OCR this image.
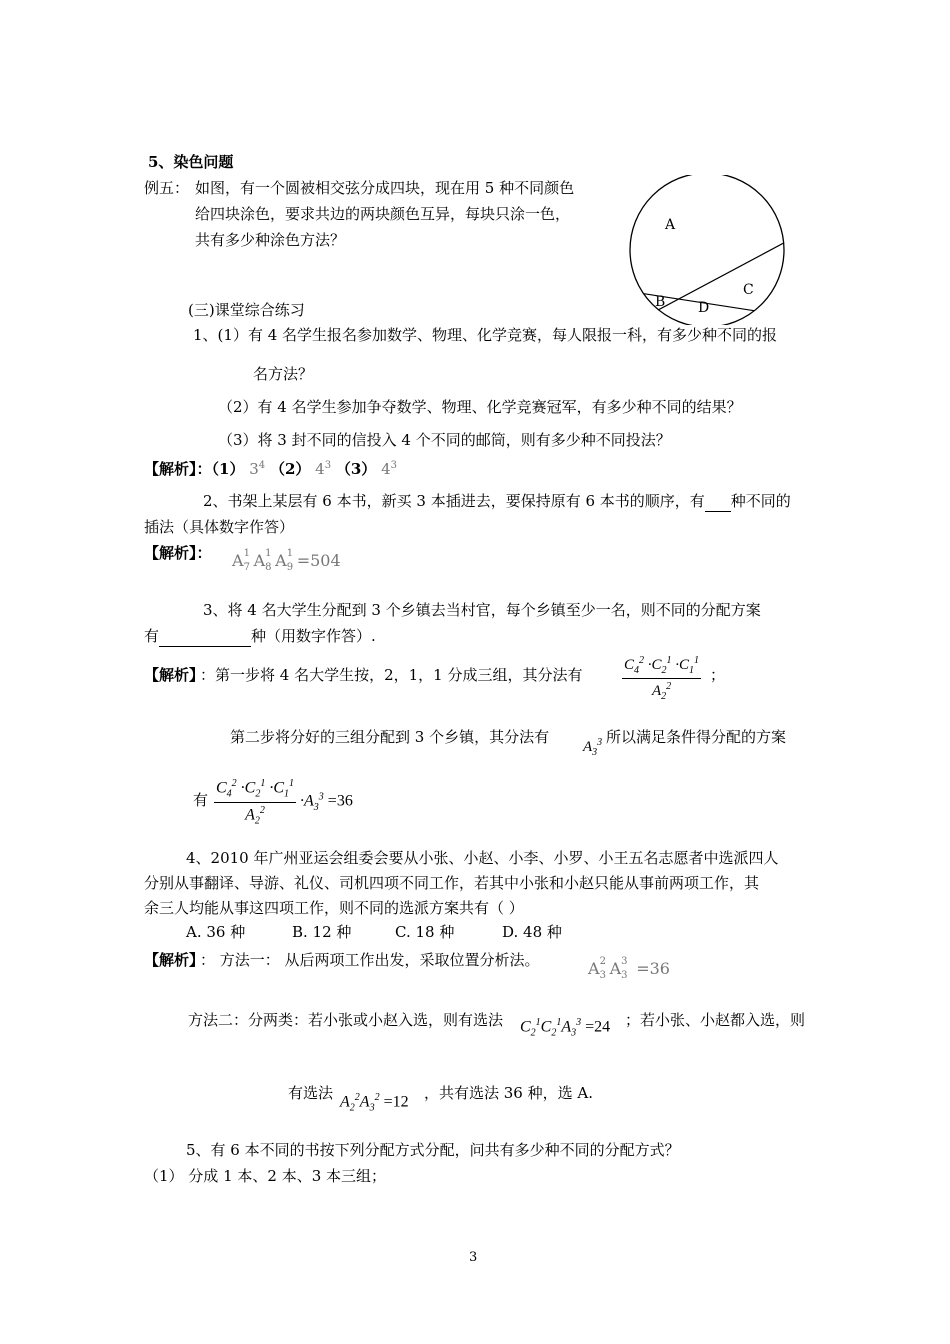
5、染色问题
例五： 如图，有一个圆被相交弦分成四块，现在用 5 种不同颜色
给四块涂色，要求共边的两块颜色互异，每块只涂一色，
共有多少种涂色方法？
A
B
C
D
(三)课堂综合练习
1、(1）有 4 名学生报名参加数学、物理、化学竞赛，每人限报一科，有多少种不同的报
名方法？
（2）有 4 名学生参加争夺数学、物理、化学竞赛冠军，有多少种不同的结果？
（3）将 3 封不同的信投入 4 个不同的邮筒，则有多少种不同投法？
【解析】：（1） $3^4$ （2） $4^3$ （3） $4^3$
2、书架上某层有 6 本书，新买 3 本插进去，要保持原有 6 本书的顺序，有 种不同的
插法（具体数字作答）
【解析】： A 1
7 A 1
8 A 1
9 =504
3、将 4 名大学生分配到 3 个乡镇去当村官，每个乡镇至少一名，则不同的分配方案
有	种（用数字作答）.
【解析】
：第一步将 4 名大学生按，2，1，1 分成三组，其分法有	$\frac{C_4^2 \cdot C_2^1 \cdot C_1^1}{A_2^2}$ ；
第二步将分好的三组分配到 3 个乡镇，其分法有
$A_3^3$ 所以满足条件得分配的方案
有 $\frac{C_4^2 \cdot C_2^1 \cdot C_1^1}{A_2^2} \cdot A_3^3 =36$
4、2010 年广州亚运会组委会要从小张、小赵、小李、小罗、小王五名志愿者中选派四人
分别从事翻译、导游、礼仪、司机四项不同工作，若其中小张和小赵只能从事前两项工作，其
余三人均能从事这四项工作，则不同的选派方案共有（ ）
A. 36 种	B. 12 种	C. 18 种	D. 48 种
【解析】
： 方法一： 从后两项工作出发，采取位置分析法。	A 2
3 A 3
3 =36
方法二：分两类：若小张或小赵入选，则有选法 $C_2^1C_2^1A_3^3 =24$ ；若小张、小赵都入选，则
有选法 $A_2^2A_3^2 =12$ ，共有选法 36 种，选 A.
5、有 6 本不同的书按下列分配方式分配，问共有多少种不同的分配方式？
（1） 分成 1 本、2 本、3 本三组；
3
